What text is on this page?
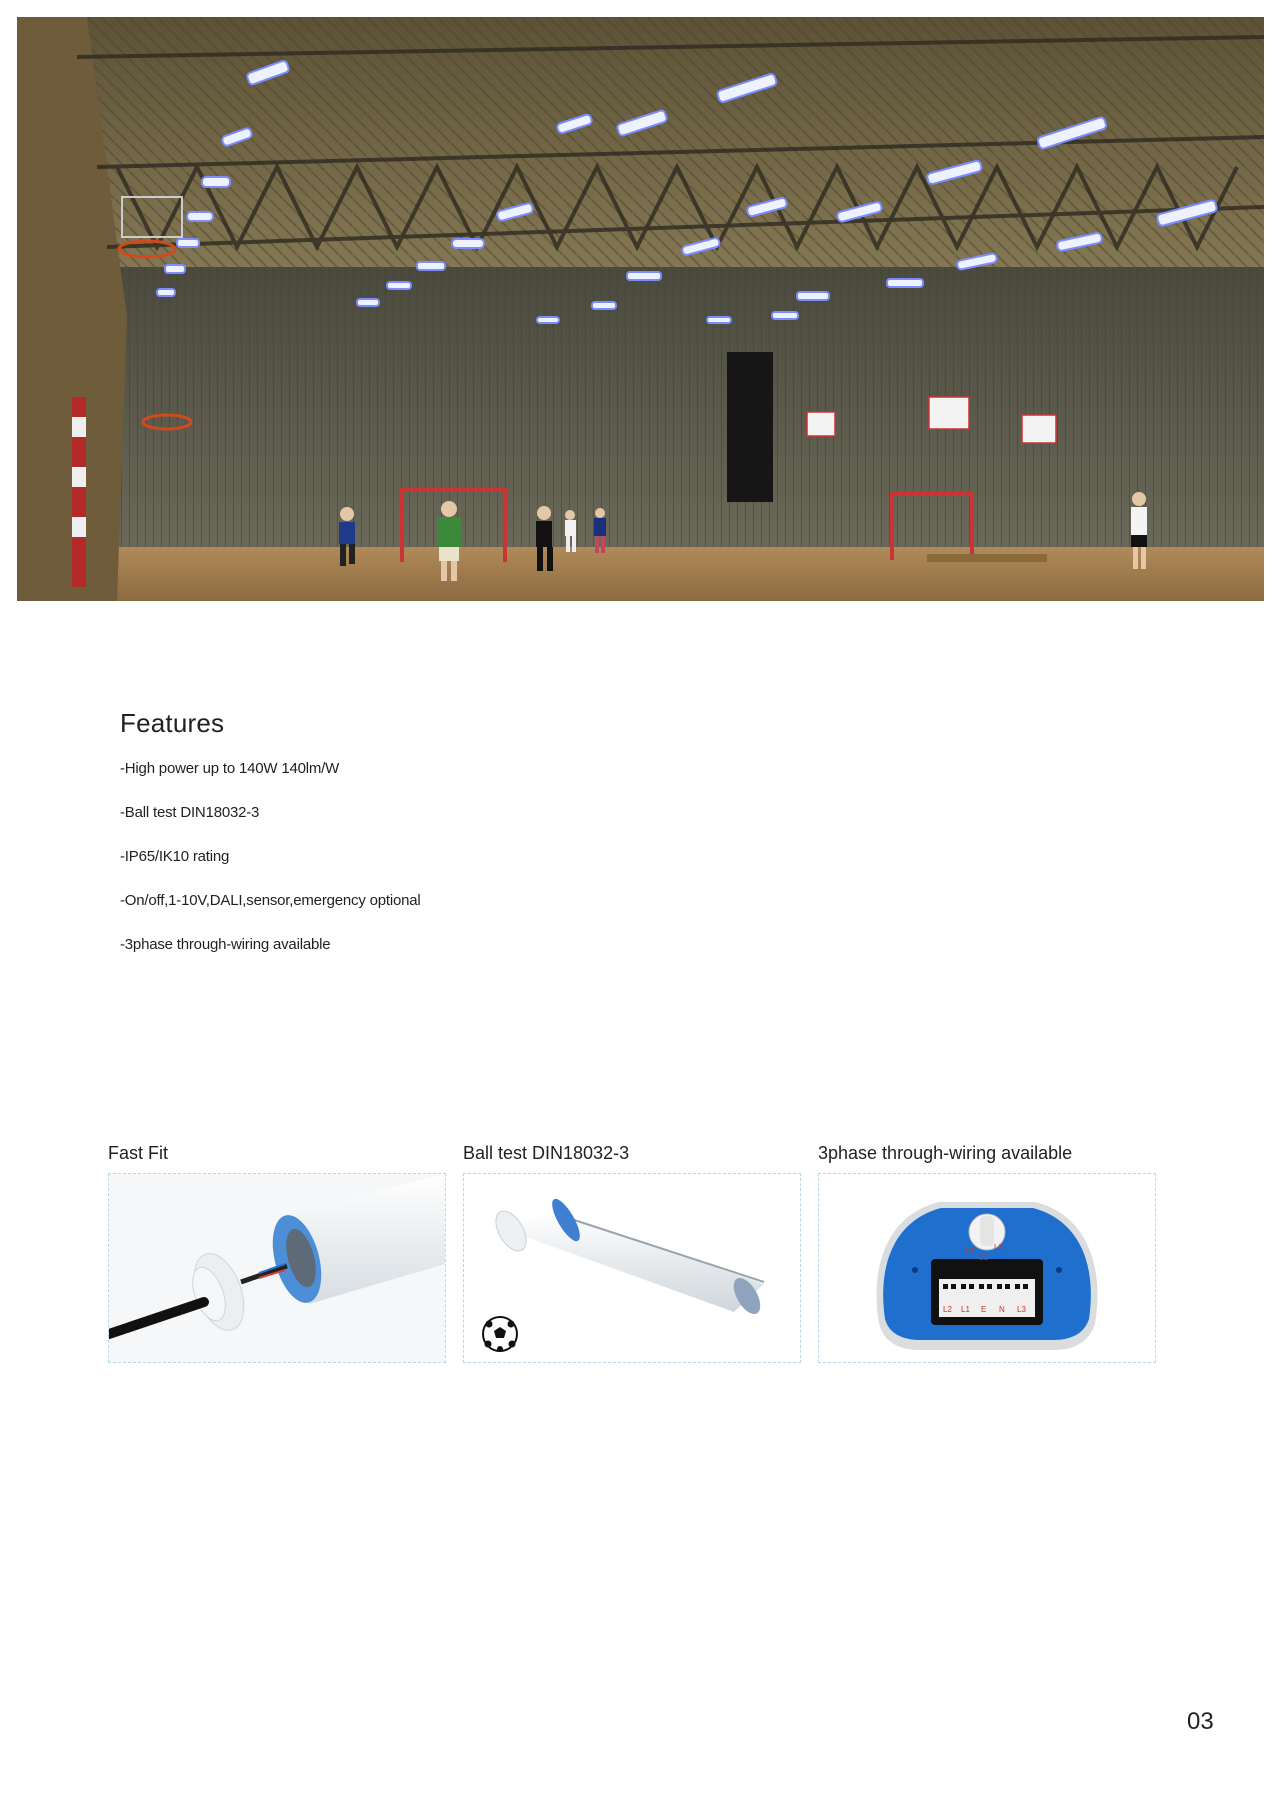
Features
-High power up to 140W 140lm/W
-Ball test DIN18032-3
-IP65/IK10 rating
-On/off,1-10V,DALI,sensor,emergency optional
-3phase through-wiring available
Fast Fit	Ball test DIN18032-3	3phase through-wiring available
L2
L1
L3
L2 L1 E N L3
03
